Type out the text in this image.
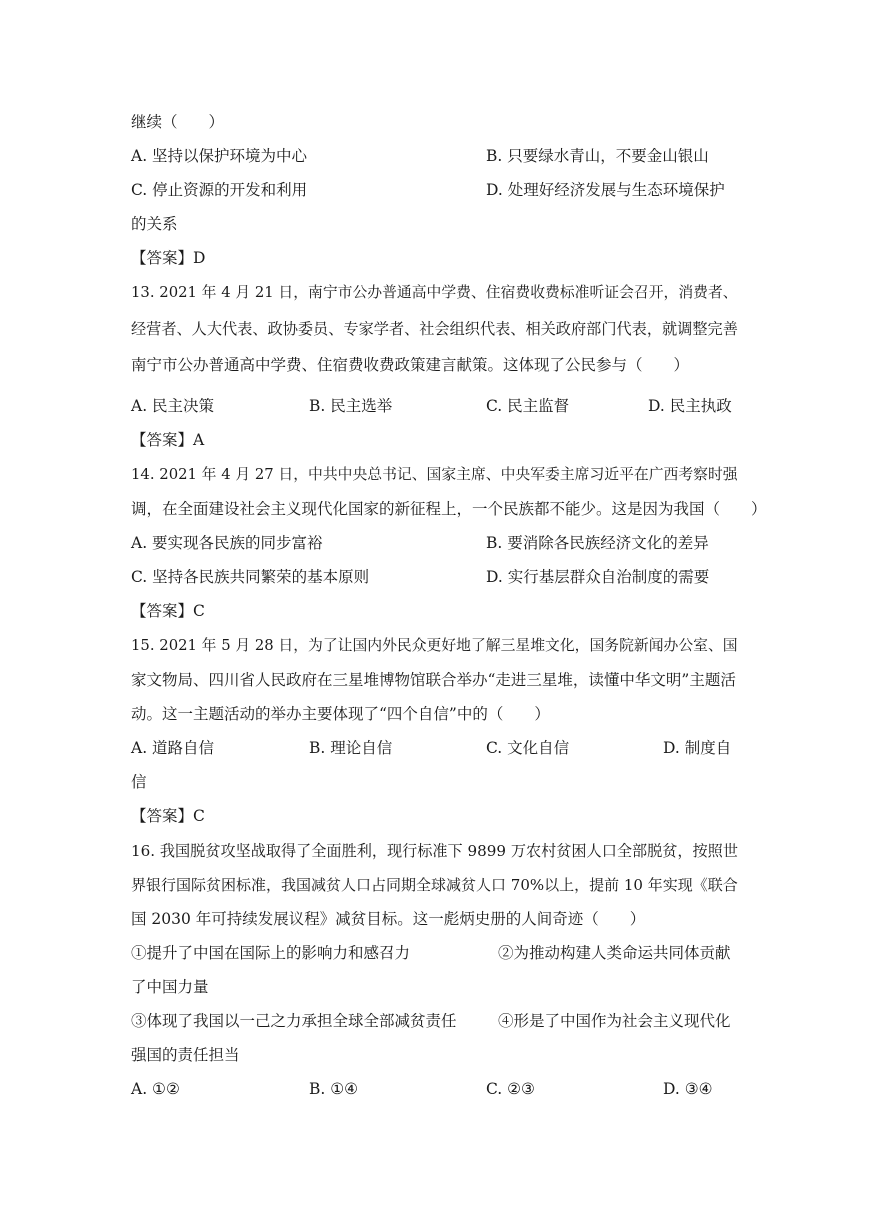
继续（　　）
A. 坚持以保护环境为中心	B. 只要绿水青山，不要金山银山
C. 停止资源的开发和利用	D. 处理好经济发展与生态环境保护
的关系
【答案】D
13. 2021 年 4 月 21 日，南宁市公办普通高中学费、住宿费收费标准听证会召开，消费者、
经营者、人大代表、政协委员、专家学者、社会组织代表、相关政府部门代表，就调整完善
南宁市公办普通高中学费、住宿费收费政策建言献策。这体现了公民参与（　　）
A. 民主决策	B. 民主选举	C. 民主监督	D. 民主执政
【答案】A
14. 2021 年 4 月 27 日，中共中央总书记、国家主席、中央军委主席习近平在广西考察时强
调，在全面建设社会主义现代化国家的新征程上，一个民族都不能少。这是因为我国（　　）
A. 要实现各民族的同步富裕	B. 要消除各民族经济文化的差异
C. 坚持各民族共同繁荣的基本原则	D. 实行基层群众自治制度的需要
【答案】C
15. 2021 年 5 月 28 日，为了让国内外民众更好地了解三星堆文化，国务院新闻办公室、国
家文物局、四川省人民政府在三星堆博物馆联合举办“走进三星堆，读懂中华文明”主题活
动。这一主题活动的举办主要体现了“四个自信”中的（　　）
A. 道路自信	B. 理论自信	C. 文化自信	D. 制度自
信
【答案】C
16. 我国脱贫攻坚战取得了全面胜利，现行标准下 9899 万农村贫困人口全部脱贫，按照世
界银行国际贫困标准，我国减贫人口占同期全球减贫人口 70%以上，提前 10 年实现《联合
国 2030 年可持续发展议程》减贫目标。这一彪炳史册的人间奇迹（　　）
①提升了中国在国际上的影响力和感召力	②为推动构建人类命运共同体贡献
了中国力量
③体现了我国以一己之力承担全球全部减贫责任	④形是了中国作为社会主义现代化
强国的责任担当
A. ①②	B. ①④	C. ②③	D. ③④
